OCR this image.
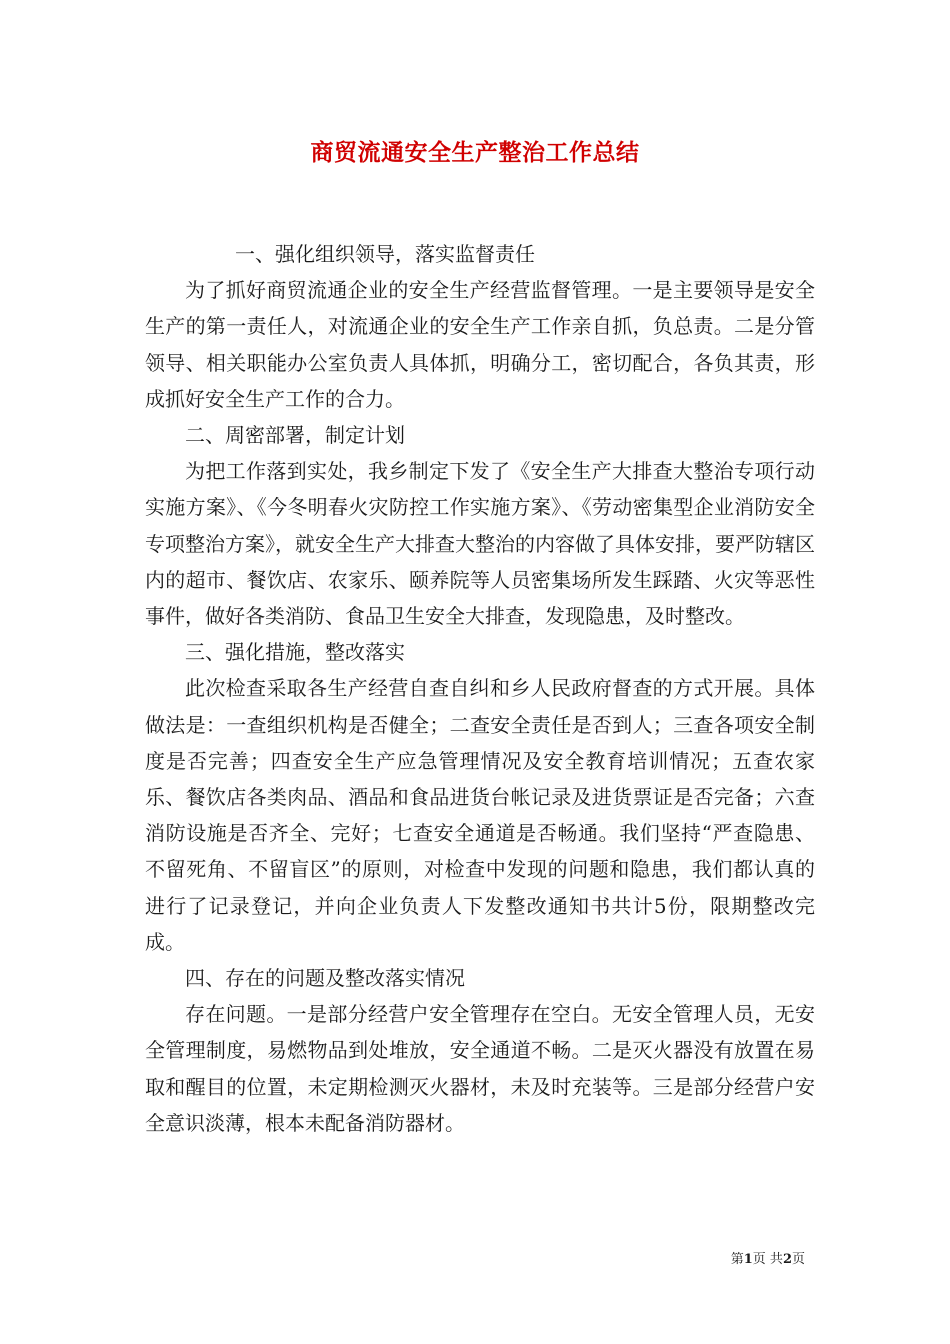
商贸流通安全生产整治工作总结

一、强化组织领导，落实监督责任

为了抓好商贸流通企业的安全生产经营监督管理。一是主要领导是安全生产的第一责任人，对流通企业的安全生产工作亲自抓，负总责。二是分管领导、相关职能办公室负责人具体抓，明确分工，密切配合，各负其责，形成抓好安全生产工作的合力。

二、周密部署，制定计划

为把工作落到实处，我乡制定下发了《安全生产大排查大整治专项行动实施方案》、《今冬明春火灾防控工作实施方案》、《劳动密集型企业消防安全专项整治方案》，就安全生产大排查大整治的内容做了具体安排，要严防辖区内的超市、餐饮店、农家乐、颐养院等人员密集场所发生踩踏、火灾等恶性事件，做好各类消防、食品卫生安全大排查，发现隐患，及时整改。

三、强化措施，整改落实

此次检查采取各生产经营自查自纠和乡人民政府督查的方式开展。具体做法是：一查组织机构是否健全；二查安全责任是否到人；三查各项安全制度是否完善；四查安全生产应急管理情况及安全教育培训情况；五查农家乐、餐饮店各类肉品、酒品和食品进货台帐记录及进货票证是否完备；六查消防设施是否齐全、完好；七查安全通道是否畅通。我们坚持“严查隐患、不留死角、不留盲区”的原则，对检查中发现的问题和隐患，我们都认真的进行了记录登记，并向企业负责人下发整改通知书共计5份，限期整改完成。

四、存在的问题及整改落实情况

存在问题。一是部分经营户安全管理存在空白。无安全管理人员，无安全管理制度，易燃物品到处堆放，安全通道不畅。二是灭火器没有放置在易取和醒目的位置，未定期检测灭火器材，未及时充装等。三是部分经营户安全意识淡薄，根本未配备消防器材。

第1页 共2页
